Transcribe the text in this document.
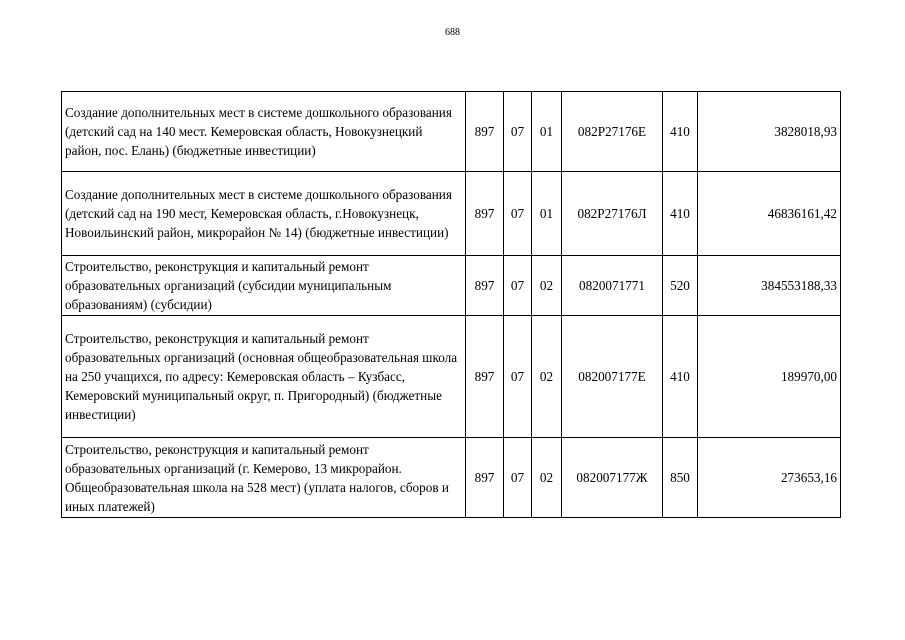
688
Создание дополнительных мест в системе дошкольного образования (детский сад на 140 мест. Кемеровская область, Новокузнецкий район, пос. Елань) (бюджетные инвестиции)	897	07	01	082P27176E	410	3828018,93
Создание дополнительных мест в системе дошкольного образования (детский сад на 190 мест, Кемеровская область, г.Новокузнецк, Новоильинский район, микрорайон № 14) (бюджетные инвестиции)	897	07	01	082P27176Л	410	46836161,42
Строительство, реконструкция и капитальный ремонт образовательных организаций (субсидии муниципальным образованиям) (субсидии)	897	07	02	0820071771	520	384553188,33
Строительство, реконструкция и капитальный ремонт образовательных организаций (основная общеобразовательная школа на 250 учащихся, по адресу: Кемеровская область – Кузбасс, Кемеровский муниципальный округ, п. Пригородный) (бюджетные инвестиции)	897	07	02	082007177E	410	189970,00
Строительство, реконструкция и капитальный ремонт образовательных организаций (г. Кемерово, 13 микрорайон. Общеобразовательная школа на 528 мест) (уплата налогов, сборов и иных платежей)	897	07	02	082007177Ж	850	273653,16
